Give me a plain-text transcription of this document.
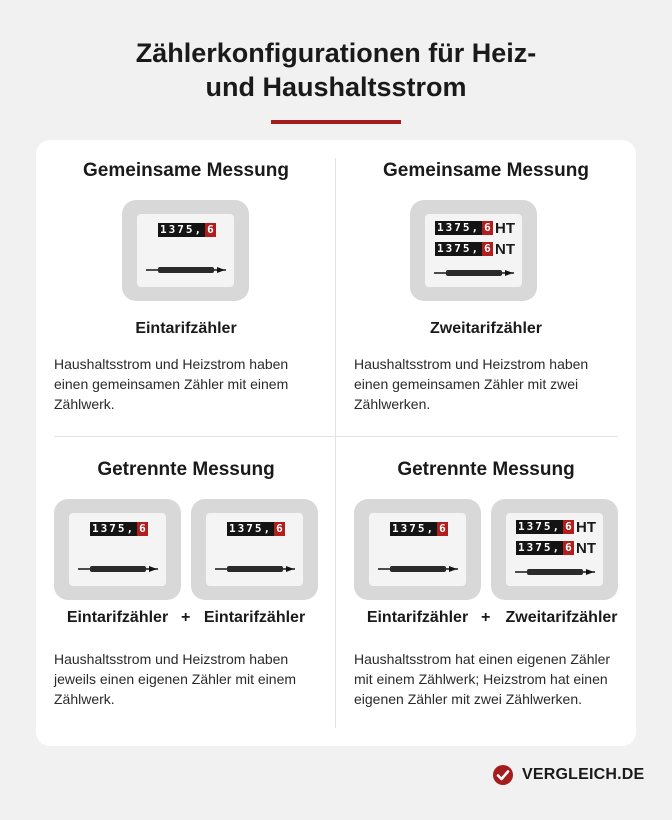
Zählerkonfigurationen für Heiz-
und Haushaltsstrom
Gemeinsame Messung
1375, 6
Eintarifzähler
Haushaltsstrom und Heizstrom haben einen gemeinsamen Zähler mit einem Zählwerk.
Gemeinsame Messung
1375, 6 HT
1375, 6 NT
Zweitarifzähler
Haushaltsstrom und Heizstrom haben einen gemeinsamen Zähler mit zwei Zählwerken.
Getrennte Messung
1375, 6	1375, 6
Eintarifzähler + Eintarifzähler
Haushaltsstrom und Heizstrom haben jeweils einen eigenen Zähler mit einem Zählwerk.
Getrennte Messung
1375, 6	1375, 6 HT
1375, 6 NT
Eintarifzähler + Zweitarifzähler
Haushaltsstrom hat einen eigenen Zähler mit einem Zählwerk; Heizstrom hat einen eigenen Zähler mit zwei Zählwerken.
VERGLEICH.DE
